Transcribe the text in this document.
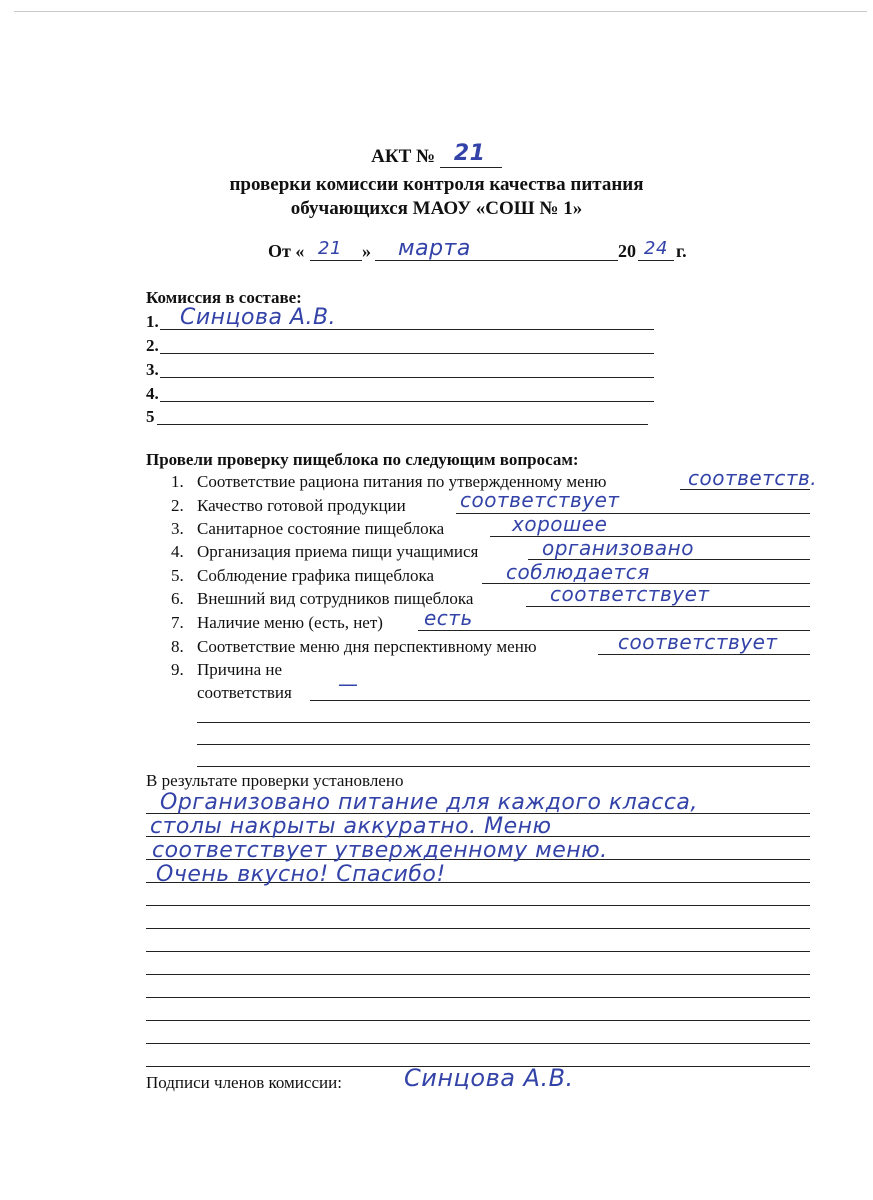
АКТ № 21
проверки комиссии контроля качества питания
обучающихся МАОУ «СОШ № 1»
От « 21 » марта	20 24 г.
Комиссия в составе:
1. Синцова А.В.
2.
3.
4.
5
Провели проверку пищеблока по следующим вопросам:
1. Соответствие рациона питания по утвержденному меню	соответств.
2. Качество готовой продукции	соответствует
3. Санитарное состояние пищеблока	хорошее
4. Организация приема пищи учащимися	организовано
5. Соблюдение графика пищеблока	соблюдается
6. Внешний вид сотрудников пищеблока	соответствует
7. Наличие меню (есть, нет) есть
8. Соответствие меню дня перспективному меню	соответствует
9. Причина не
соответствия —
В результате проверки установлено
Организовано питание для каждого класса,
столы накрыты аккуратно. Меню
соответствует утвержденному меню.
Очень вкусно! Спасибо!
Подписи членов комиссии:	Синцова А.В.
